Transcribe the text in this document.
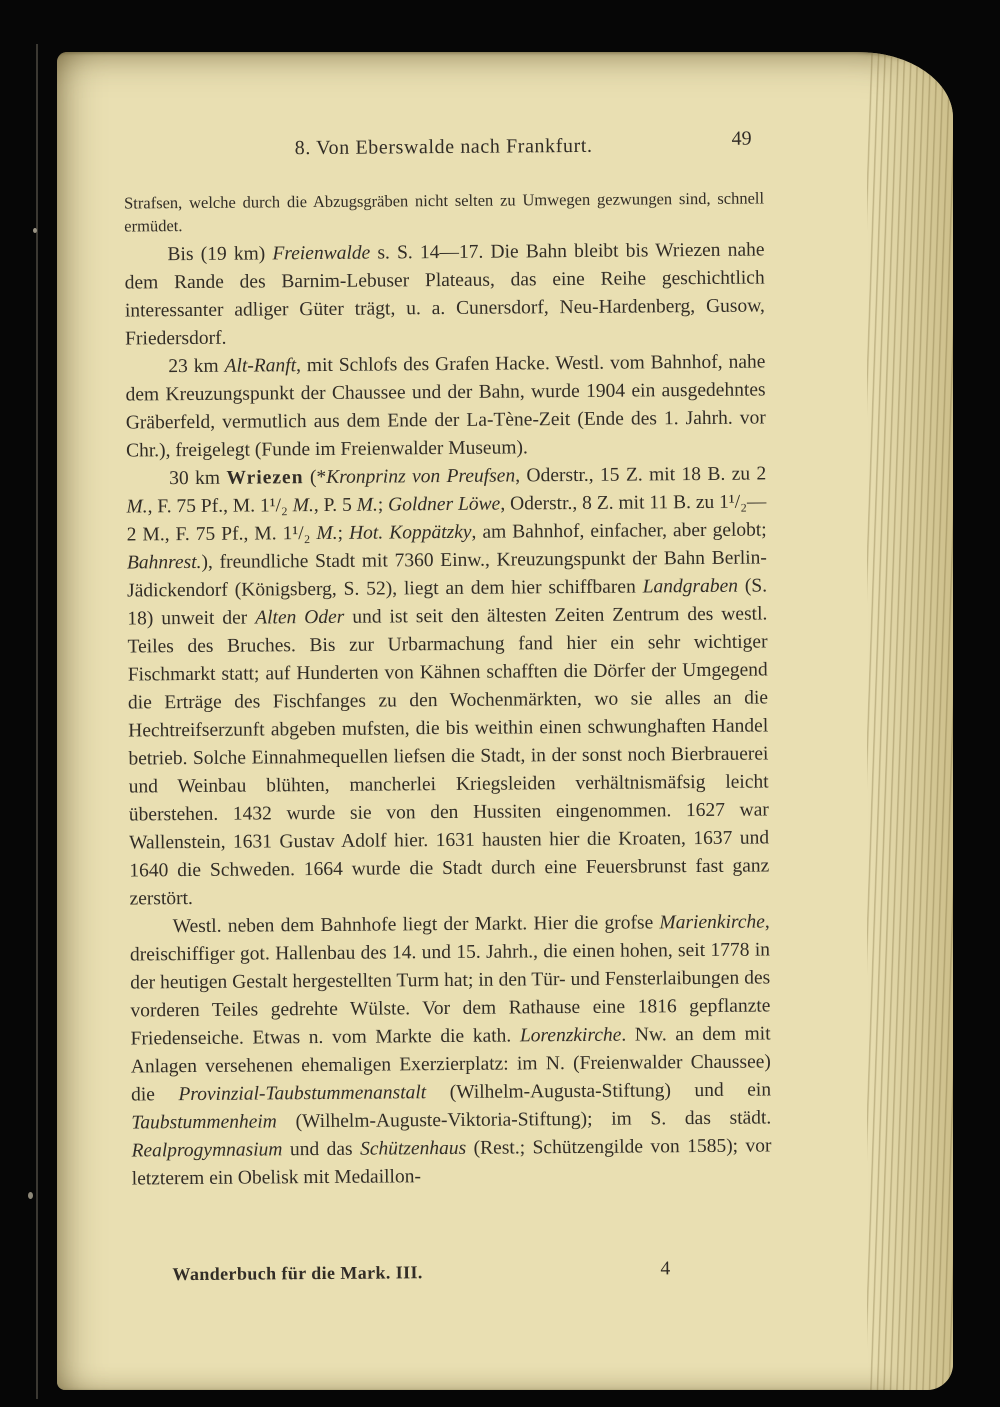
8. Von Eberswalde nach Frankfurt.	49

Strafsen, welche durch die Abzugsgräben nicht selten zu Umwegen gezwungen sind, schnell ermüdet.

Bis (19 km) Freienwalde s. S. 14—17. Die Bahn bleibt bis Wriezen nahe dem Rande des Barnim-Lebuser Plateaus, das eine Reihe geschichtlich interessanter adliger Güter trägt, u. a. Cunersdorf, Neu-Hardenberg, Gusow, Friedersdorf.

23 km Alt-Ranft, mit Schlofs des Grafen Hacke. Westl. vom Bahnhof, nahe dem Kreuzungspunkt der Chaussee und der Bahn, wurde 1904 ein ausgedehntes Gräberfeld, vermutlich aus dem Ende der La-Tène-Zeit (Ende des 1. Jahrh. vor Chr.), freigelegt (Funde im Freienwalder Museum).

30 km Wriezen (*Kronprinz von Preufsen, Oderstr., 15 Z. mit 18 B. zu 2 M., F. 75 Pf., M. 1¹/₂ M., P. 5 M.; Goldner Löwe, Oderstr., 8 Z. mit 11 B. zu 1¹/₂—2 M., F. 75 Pf., M. 1¹/₂ M.; Hot. Koppätzky, am Bahnhof, einfacher, aber gelobt; Bahnrest.), freundliche Stadt mit 7360 Einw., Kreuzungspunkt der Bahn Berlin-Jädickendorf (Königsberg, S. 52), liegt an dem hier schiffbaren Landgraben (S. 18) unweit der Alten Oder und ist seit den ältesten Zeiten Zentrum des westl. Teiles des Bruches. Bis zur Urbarmachung fand hier ein sehr wichtiger Fischmarkt statt; auf Hunderten von Kähnen schafften die Dörfer der Umgegend die Erträge des Fischfanges zu den Wochenmärkten, wo sie alles an die Hechtreifserzunft abgeben mufsten, die bis weithin einen schwunghaften Handel betrieb. Solche Einnahmequellen liefsen die Stadt, in der sonst noch Bierbrauerei und Weinbau blühten, mancherlei Kriegsleiden verhältnismäfsig leicht überstehen. 1432 wurde sie von den Hussiten eingenommen. 1627 war Wallenstein, 1631 Gustav Adolf hier. 1631 hausten hier die Kroaten, 1637 und 1640 die Schweden. 1664 wurde die Stadt durch eine Feuersbrunst fast ganz zerstört.

Westl. neben dem Bahnhofe liegt der Markt. Hier die grofse Marienkirche, dreischiffiger got. Hallenbau des 14. und 15. Jahrh., die einen hohen, seit 1778 in der heutigen Gestalt hergestellten Turm hat; in den Tür- und Fensterlaibungen des vorderen Teiles gedrehte Wülste. Vor dem Rathause eine 1816 gepflanzte Friedenseiche. Etwas n. vom Markte die kath. Lorenzkirche. Nw. an dem mit Anlagen versehenen ehemaligen Exerzierplatz: im N. (Freienwalder Chaussee) die Provinzial-Taubstummenanstalt (Wilhelm-Augusta-Stiftung) und ein Taubstummenheim (Wilhelm-Auguste-Viktoria-Stiftung); im S. das städt. Realprogymnasium und das Schützenhaus (Rest.; Schützengilde von 1585); vor letzterem ein Obelisk mit Medaillon-

Wanderbuch für die Mark. III.	4
